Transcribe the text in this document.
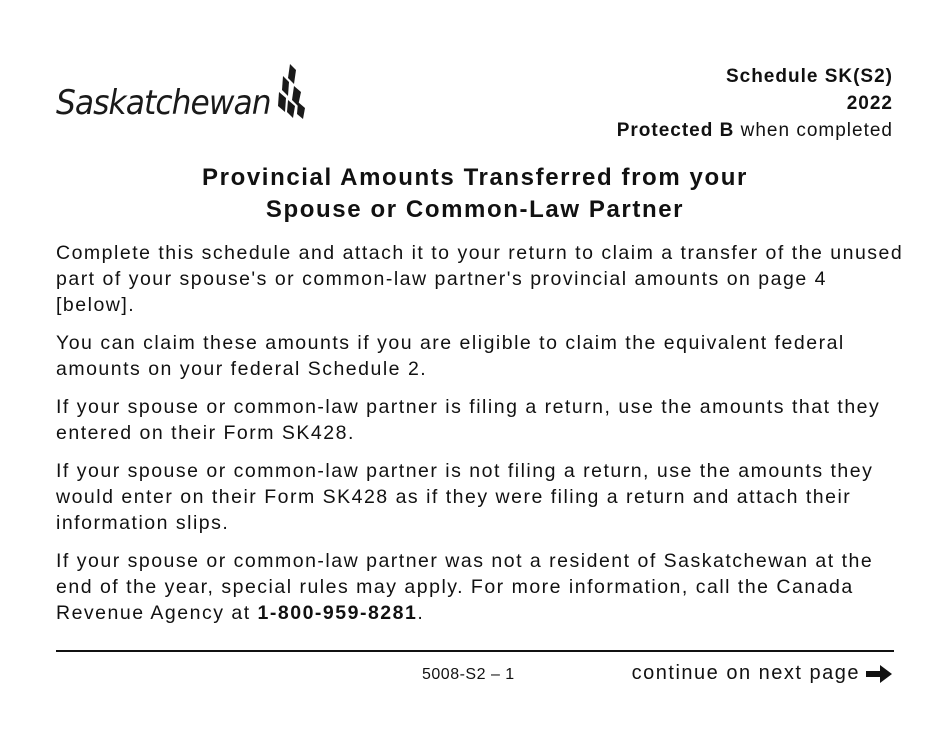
Saskatchewan
Schedule SK(S2)
2022
Protected B when completed
Provincial Amounts Transferred from your
Spouse or Common-Law Partner

Complete this schedule and attach it to your return to claim a transfer of the unused part of your spouse's or common-law partner's provincial amounts on page 4 [below].

You can claim these amounts if you are eligible to claim the equivalent federal amounts on your federal Schedule 2.

If your spouse or common-law partner is filing a return, use the amounts that they entered on their Form SK428.

If your spouse or common-law partner is not filing a return, use the amounts they would enter on their Form SK428 as if they were filing a return and attach their information slips.

If your spouse or common-law partner was not a resident of Saskatchewan at the end of the year, special rules may apply. For more information, call the Canada Revenue Agency at 1-800-959-8281.

5008-S2 – 1	continue on next page
